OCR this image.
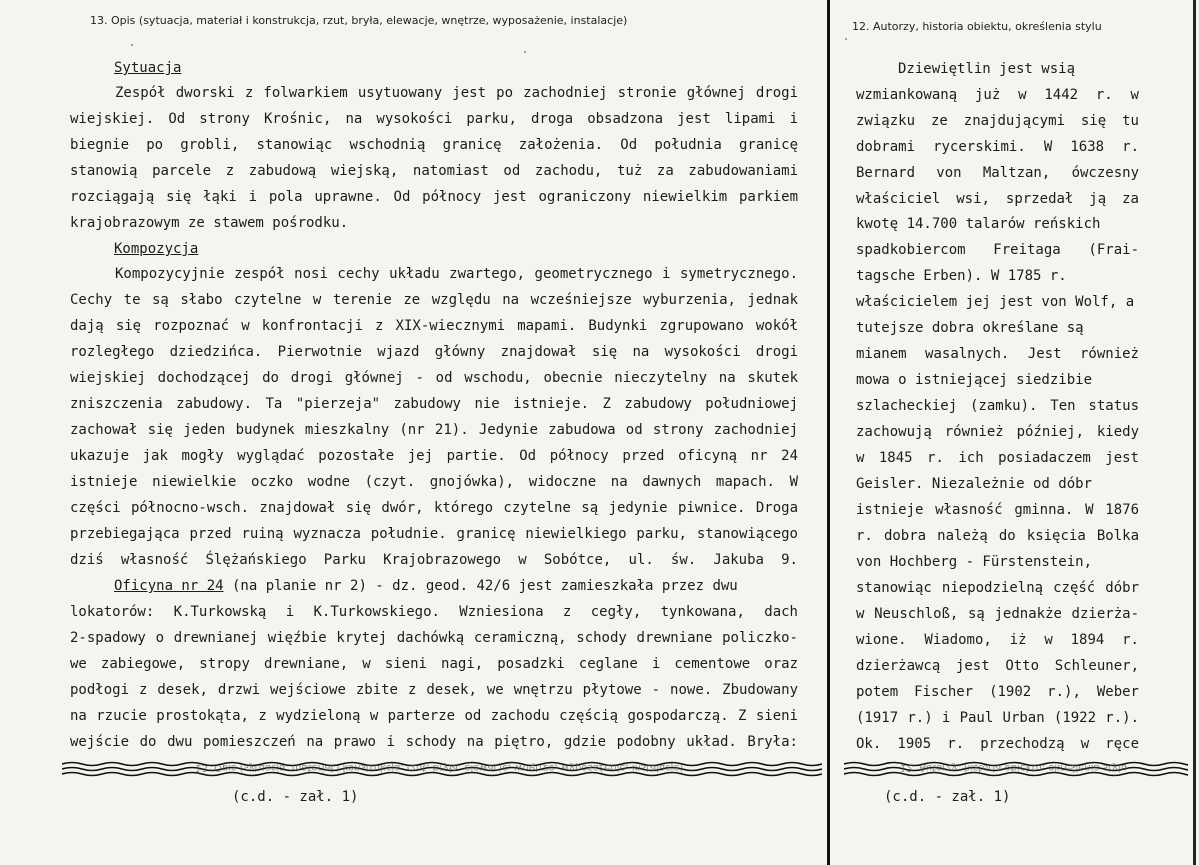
13. Opis (sytuacja, materiał i konstrukcja, rzut, bryła, elewacje, wnętrze, wyposażenie, instalacje)	12. Autorzy, historia obiektu, określenia stylu
Sytuacja
Zespół dworski z folwarkiem usytuowany jest po zachodniej stronie głównej drogi
wiejskiej. Od strony Krośnic, na wysokości parku, droga obsadzona jest lipami i
biegnie po grobli, stanowiąc wschodnią granicę założenia. Od południa granicę
stanowią parcele z zabudową wiejską, natomiast od zachodu, tuż za zabudowaniami
rozciągają się łąki i pola uprawne. Od północy jest ograniczony niewielkim parkiem
krajobrazowym ze stawem pośrodku.
Kompozycja
Kompozycyjnie zespół nosi cechy układu zwartego, geometrycznego i symetrycznego.
Cechy te są słabo czytelne w terenie ze względu na wcześniejsze wyburzenia, jednak
dają się rozpoznać w konfrontacji z XIX-wiecznymi mapami. Budynki zgrupowano wokół
rozległego dziedzińca. Pierwotnie wjazd główny znajdował się na wysokości drogi
wiejskiej dochodzącej do drogi głównej - od wschodu, obecnie nieczytelny na skutek
zniszczenia zabudowy. Ta "pierzeja" zabudowy nie istnieje. Z zabudowy południowej
zachował się jeden budynek mieszkalny (nr 21). Jedynie zabudowa od strony zachodniej
ukazuje jak mogły wyglądać pozostałe jej partie. Od północy przed oficyną nr 24
istnieje niewielkie oczko wodne (czyt. gnojówka), widoczne na dawnych mapach. W
części północno-wsch. znajdował się dwór, którego czytelne są jedynie piwnice. Droga
przebiegająca przed ruiną wyznacza południe. granicę niewielkiego parku, stanowiącego
dziś własność Ślężańskiego Parku Krajobrazowego w Sobótce, ul. św. Jakuba 9.
Oficyna nr 24 (na planie nr 2) - dz. geod. 42/6 jest zamieszkała przez dwu
lokatorów: K.Turkowską i K.Turkowskiego. Wzniesiona z cegły, tynkowana, dach
2-spadowy o drewnianej więźbie krytej dachówką ceramiczną, schody drewniane policzko-
we zabiegowe, stropy drewniane, w sieni nagi, posadzki ceglane i cementowe oraz
podłogi z desek, drzwi wejściowe zbite z desek, we wnętrzu płytowe - nowe. Zbudowany
na rzucie prostokąta, z wydzieloną w parterze od zachodu częścią gospodarczą. Z sieni
wejście do dwu pomieszczeń na prawo i schody na piętro, gdzie podobny układ. Bryła:
Dziewiętlin jest wsią
wzmiankowaną już w 1442 r. w
związku ze znajdującymi się tu
dobrami rycerskimi. W 1638 r.
Bernard von Maltzan, ówczesny
właściciel wsi, sprzedał ją za
kwotę 14.700 talarów reńskich
spadkobiercom Freitaga (Frai-
tagsche Erben). W 1785 r.
właścicielem jej jest von Wolf, a
tutejsze dobra określane są
mianem wasalnych. Jest również
mowa o istniejącej siedzibie
szlacheckiej (zamku). Ten status
zachowują również później, kiedy
w 1845 r. ich posiadaczem jest
Geisler. Niezależnie od dóbr
istnieje własność gminna. W 1876
r. dobra należą do księcia Bolka
von Hochberg - Fürstenstein,
stanowiąc niepodzielną część dóbr
w Neuschloß, są jednakże dzierża-
wione. Wiadomo, iż w 1894 r.
dzierżawcą jest Otto Schleuner,
potem Fischer (1902 r.), Weber
(1917 r.) i Paul Urban (1922 r.).
Ok. 1905 r. przechodzą w ręce
13. Opis (sytuacja, materiał i konstrukcja, rzut, bryła, elewacje, wnętrze, wyposażenie, instalacje)	12. Autorzy, historia obiektu, określenia stylu
(c.d. - zał. 1)	(c.d. - zał. 1)
